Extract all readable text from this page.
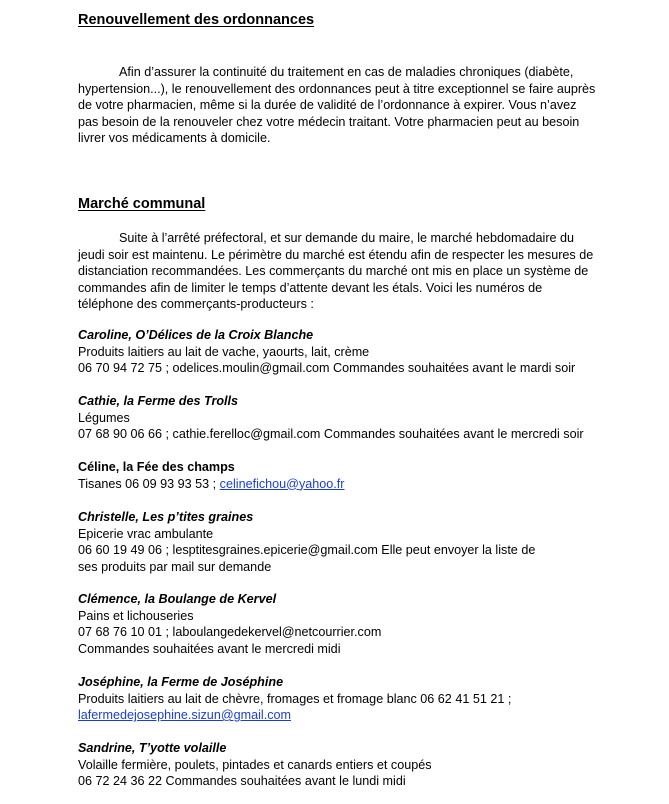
Renouvellement des ordonnances

Afin d’assurer la continuité du traitement en cas de maladies chroniques (diabète, hypertension...), le renouvellement des ordonnances peut à titre exceptionnel se faire auprès de votre pharmacien, même si la durée de validité de l’ordonnance à expirer. Vous n’avez pas besoin de la renouveler chez votre médecin traitant. Votre pharmacien peut au besoin livrer vos médicaments à domicile.

Marché communal

Suite à l’arrêté préfectoral, et sur demande du maire, le marché hebdomadaire du jeudi soir est maintenu. Le périmètre du marché est étendu afin de respecter les mesures de distanciation recommandées. Les commerçants du marché ont mis en place un système de commandes afin de limiter le temps d’attente devant les étals. Voici les numéros de téléphone des commerçants-producteurs :

Caroline, O’Délices de la Croix Blanche
Produits laitiers au lait de vache, yaourts, lait, crème
06 70 94 72 75 ; odelices.moulin@gmail.com Commandes souhaitées avant le mardi soir
Cathie, la Ferme des Trolls
Légumes
07 68 90 06 66 ; cathie.ferelloc@gmail.com Commandes souhaitées avant le mercredi soir
Céline, la Fée des champs
Tisanes 06 09 93 93 53 ; celinefichou@yahoo.fr
Christelle, Les p’tites graines
Epicerie vrac ambulante
06 60 19 49 06 ; lesptitesgraines.epicerie@gmail.com Elle peut envoyer la liste de ses produits par mail sur demande
Clémence, la Boulange de Kervel
Pains et lichouseries
07 68 76 10 01 ; laboulangedekervel@netcourrier.com
Commandes souhaitées avant le mercredi midi
Joséphine, la Ferme de Joséphine
Produits laitiers au lait de chèvre, fromages et fromage blanc 06 62 41 51 21 ;
lafermedejosephine.sizun@gmail.com
Sandrine, T’yotte volaille
Volaille fermière, poulets, pintades et canards entiers et coupés
06 72 24 36 22 Commandes souhaitées avant le lundi midi
